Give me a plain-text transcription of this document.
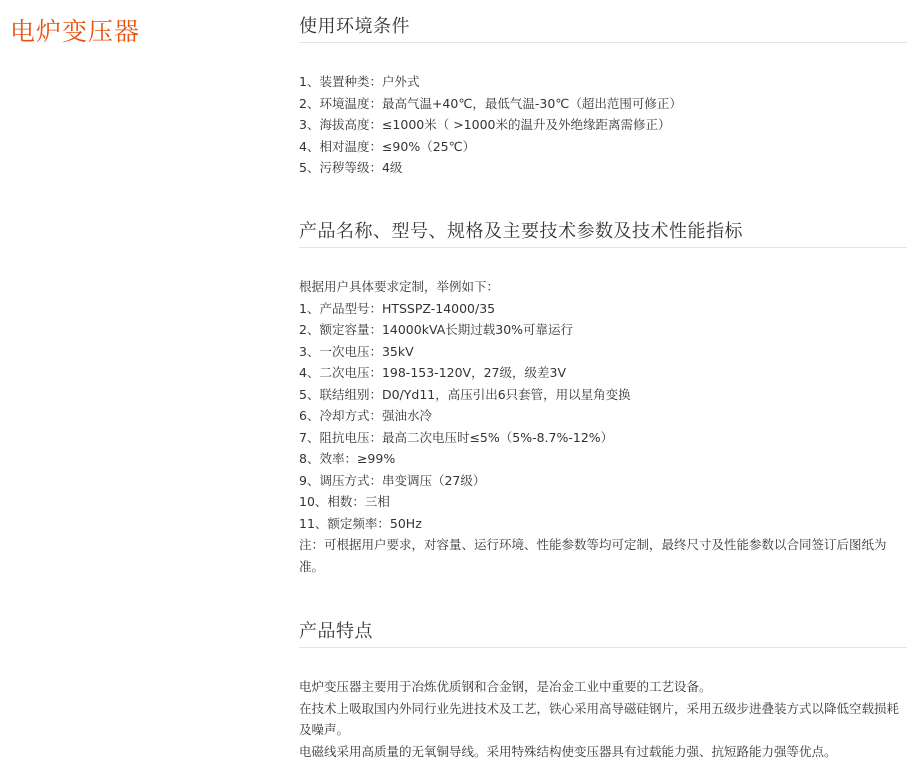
电炉变压器	使用环境条件
1、装置种类：户外式
2、环境温度：最高气温+40℃，最低气温-30℃（超出范围可修正）
3、海拔高度：≤1000米（ >1000米的温升及外绝缘距离需修正）
4、相对温度：≤90%（25℃）
5、污秽等级：4级
产品名称、型号、规格及主要技术参数及技术性能指标
根据用户具体要求定制，举例如下：
1、产品型号：HTSSPZ-14000/35
2、额定容量：14000kVA长期过载30%可靠运行
3、一次电压：35kV
4、二次电压：198-153-120V，27级，级差3V
5、联结组别：D0/Yd11，高压引出6只套管，用以星角变换
6、冷却方式：强油水冷
7、阻抗电压：最高二次电压时≤5%（5%-8.7%-12%）
8、效率：≥99%
9、调压方式：串变调压（27级）
10、相数：三相
11、额定频率：50Hz
注：可根据用户要求，对容量、运行环境、性能参数等均可定制，最终尺寸及性能参数以合同签订后图纸为准。
产品特点
电炉变压器主要用于冶炼优质钢和合金钢，是冶金工业中重要的工艺设备。
在技术上吸取国内外同行业先进技术及工艺，铁心采用高导磁硅钢片，采用五级步进叠装方式以降低空载损耗及噪声。
电磁线采用高质量的无氧铜导线。采用特殊结构使变压器具有过载能力强、抗短路能力强等优点。
